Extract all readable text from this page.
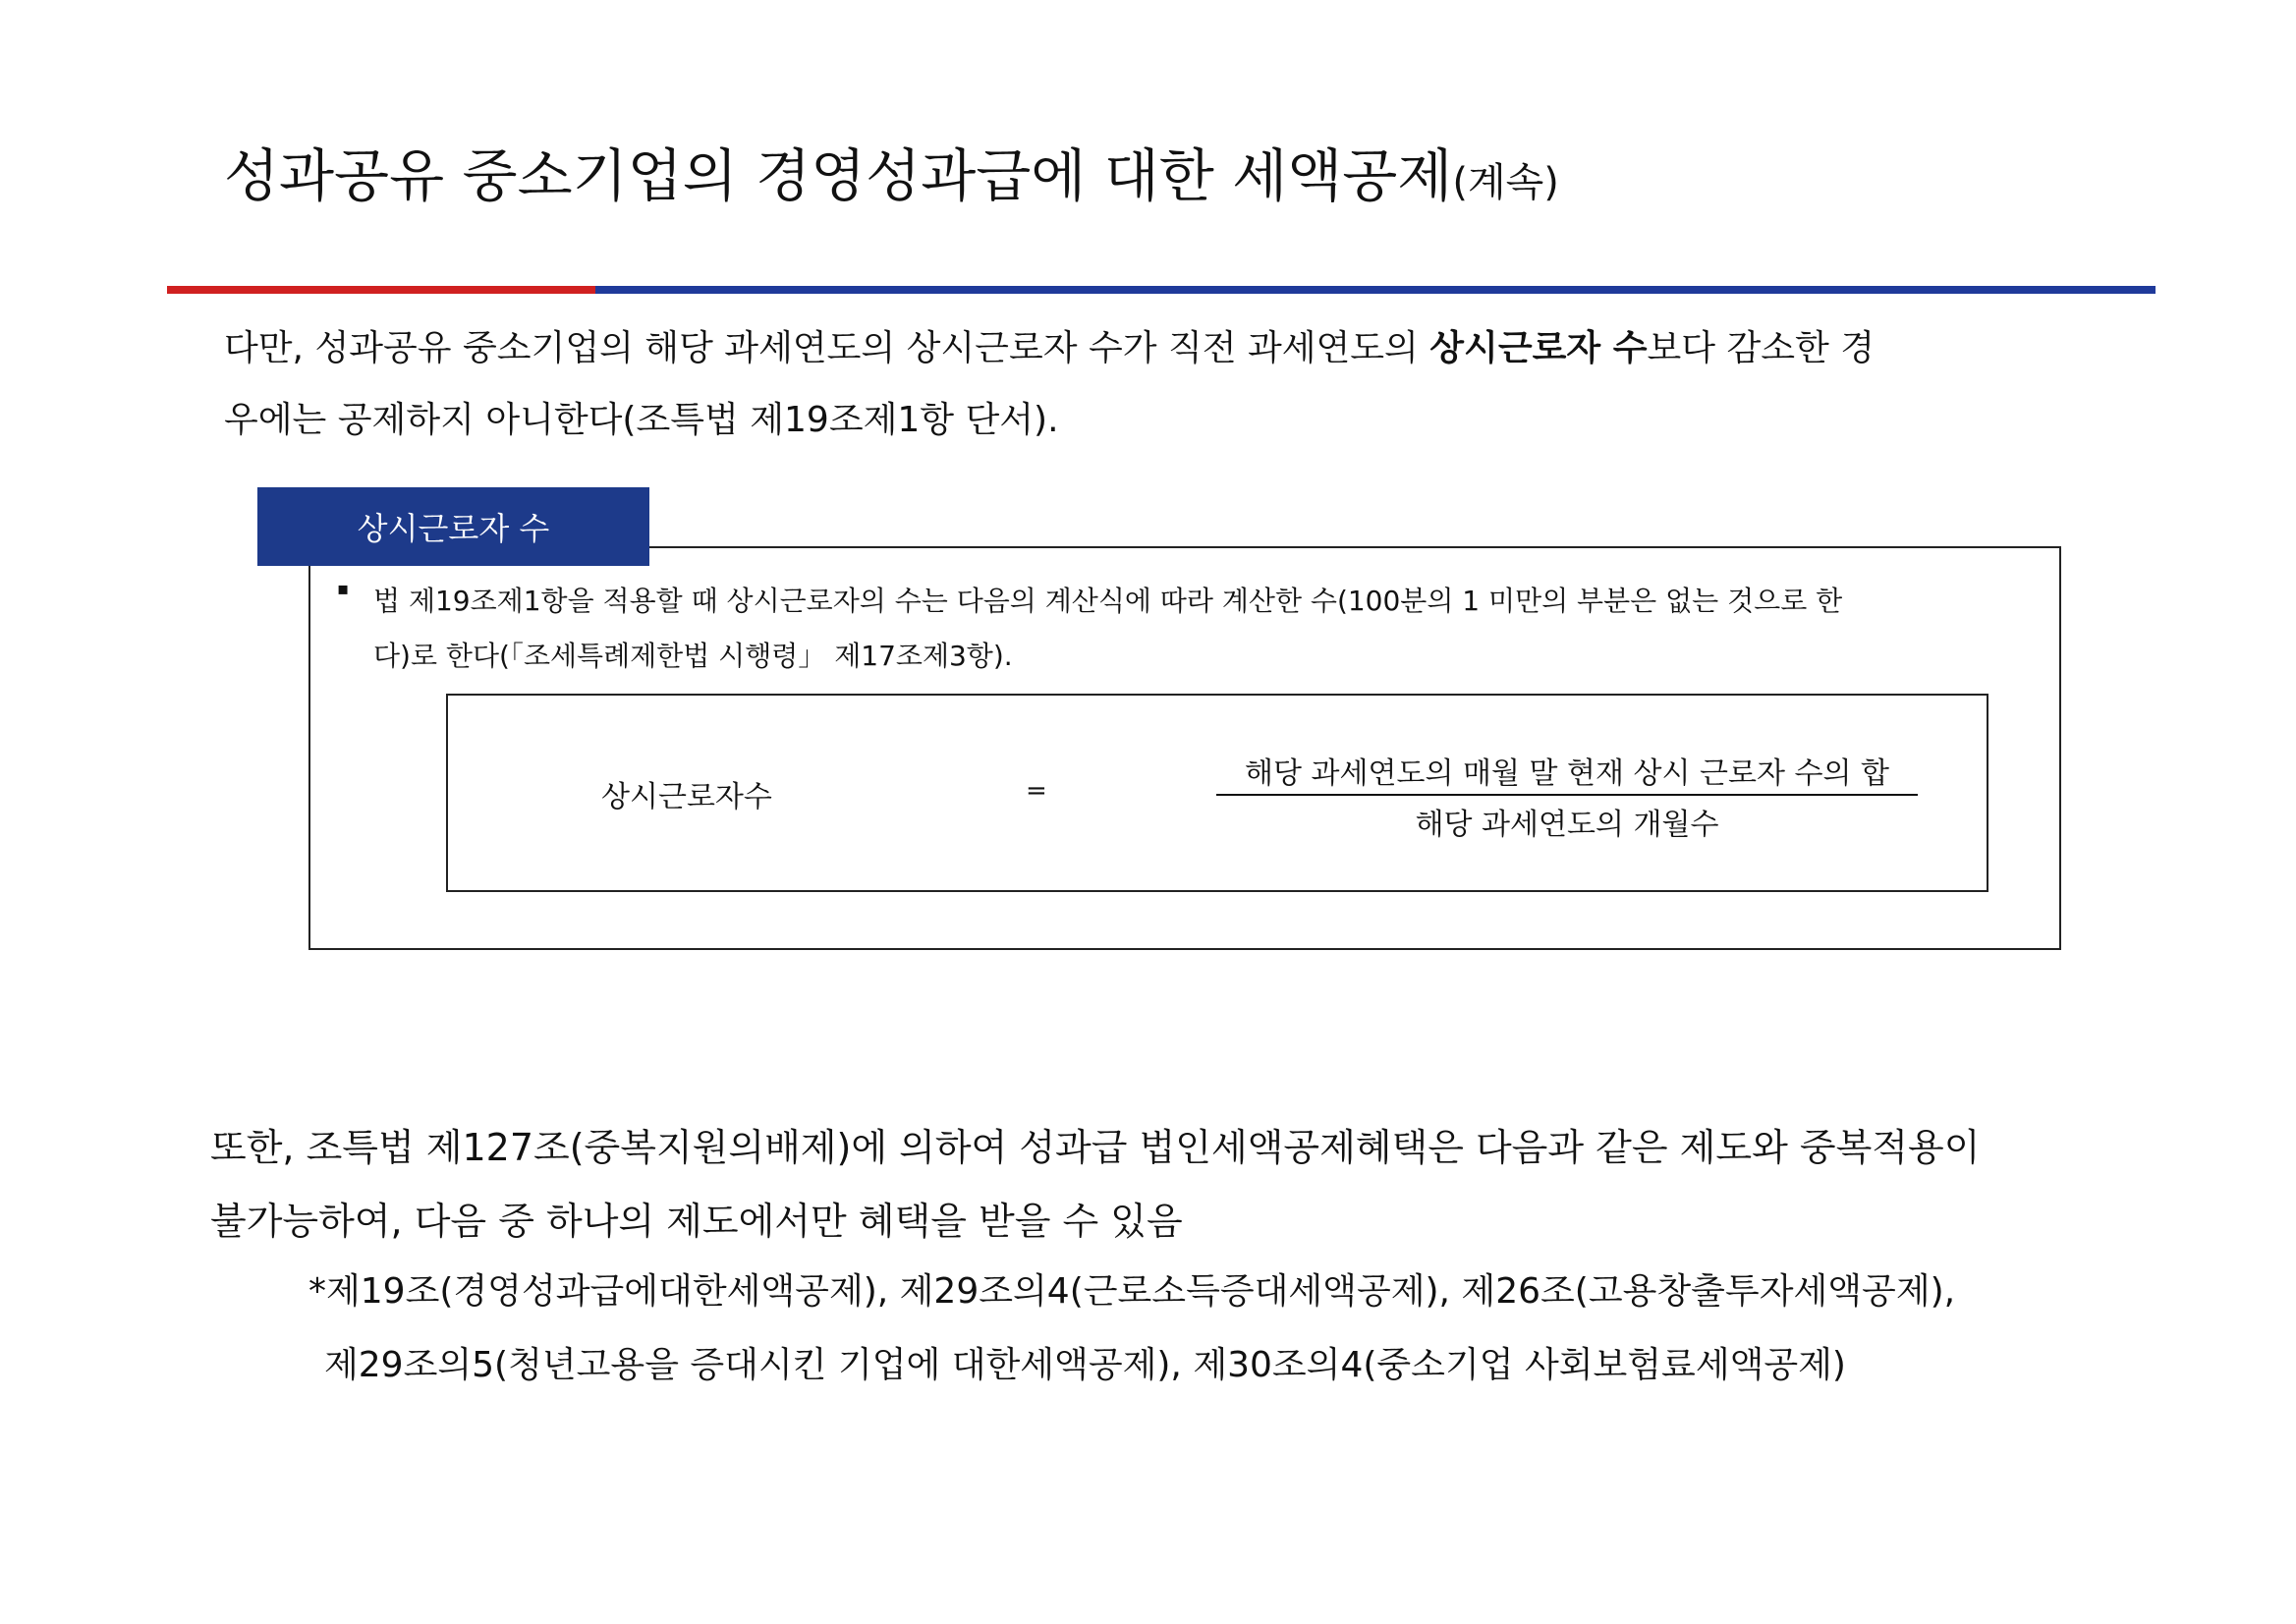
성과공유 중소기업의 경영성과급에 대한 세액공제(계속)
다만, 성과공유 중소기업의 해당 과세연도의 상시근로자 수가 직전 과세연도의 상시근로자 수보다 감소한 경
우에는 공제하지 아니한다(조특법 제19조제1항 단서).
상시근로자 수
▪ 법 제19조제1항을 적용할 때 상시근로자의 수는 다음의 계산식에 따라 계산한 수(100분의 1 미만의 부분은 없는 것으로 한
다)로 한다(「조세특례제한법 시행령」 제17조제3항).
상시근로자수	=	해당 과세연도의 매월 말 현재 상시 근로자 수의 합
해당 과세연도의 개월수
또한, 조특법 제127조(중복지원의배제)에 의하여 성과급 법인세액공제혜택은 다음과 같은 제도와 중복적용이
불가능하여, 다음 중 하나의 제도에서만 혜택을 받을 수 있음
*제19조(경영성과급에대한세액공제), 제29조의4(근로소득증대세액공제), 제26조(고용창출투자세액공제),
제29조의5(청년고용을 증대시킨 기업에 대한세액공제), 제30조의4(중소기업 사회보험료세액공제)
